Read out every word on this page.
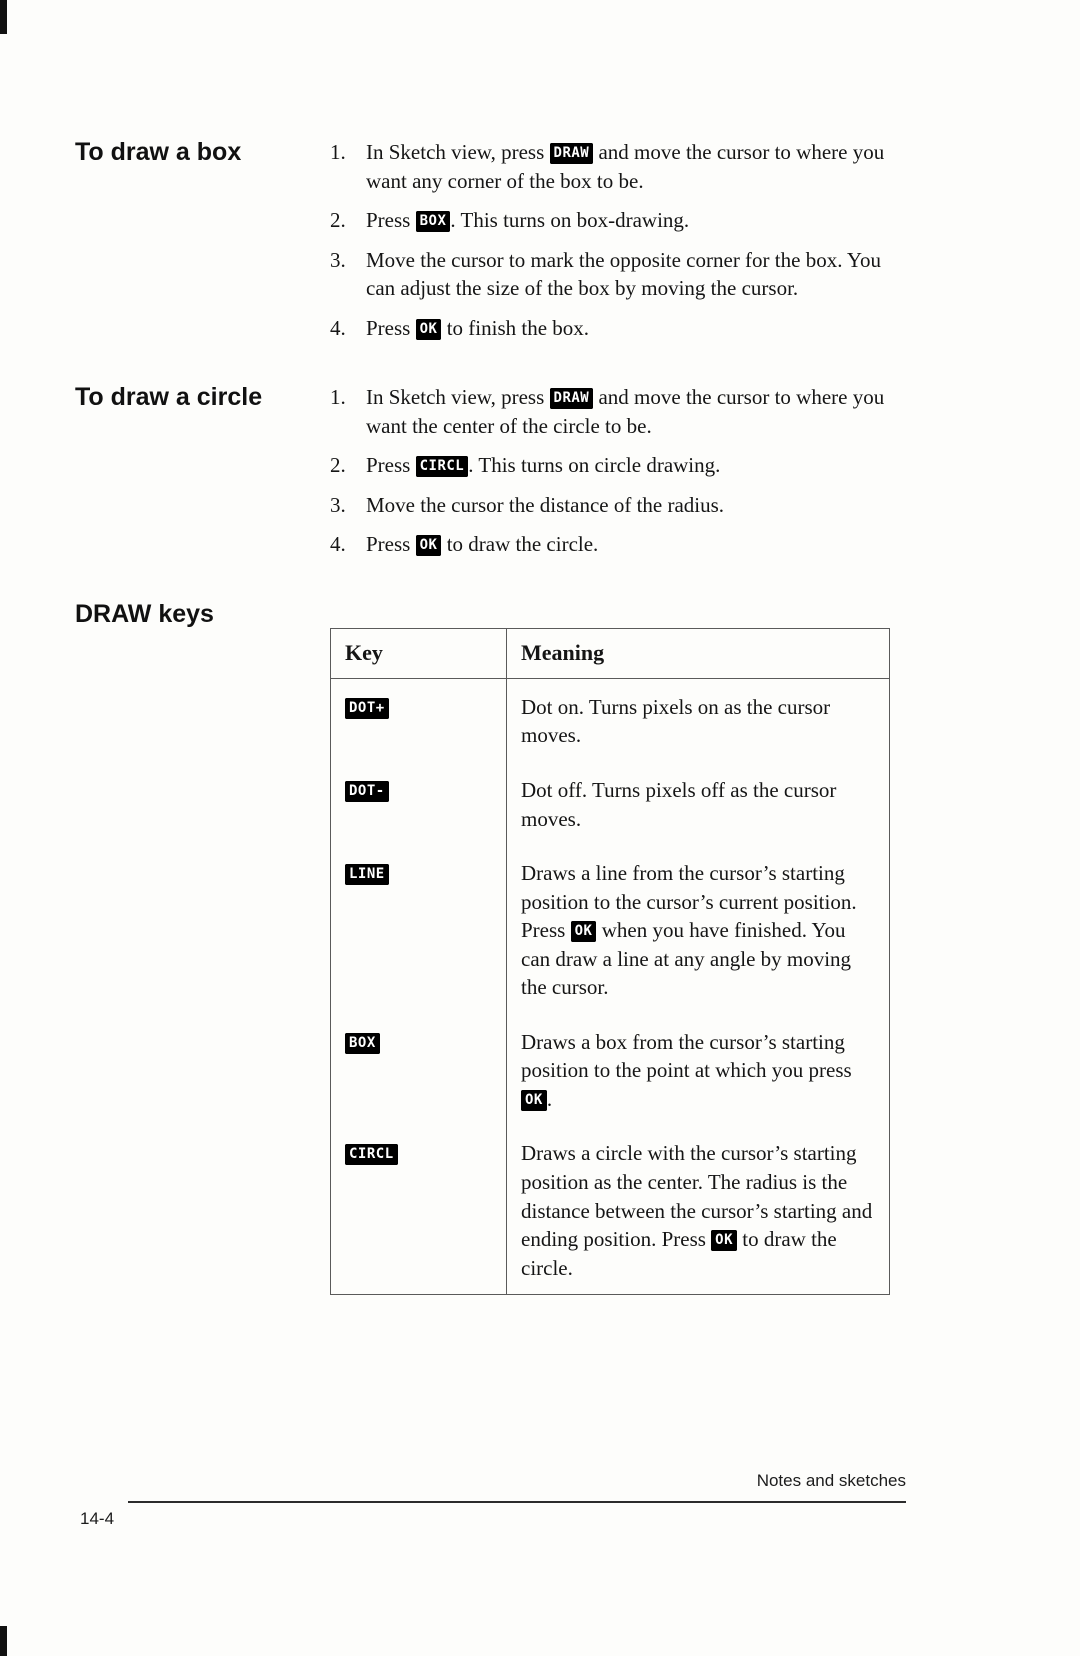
To draw a box	1. In Sketch view, press DRAW and move the cursor to where you want any corner of the box to be.
2. Press BOX . This turns on box-drawing.
3. Move the cursor to mark the opposite corner for the box. You can adjust the size of the box by moving the cursor.
4. Press OK to finish the box.
To draw a circle	1. In Sketch view, press DRAW and move the cursor to where you want the center of the circle to be.
2. Press CIRCL . This turns on circle drawing.
3. Move the cursor the distance of the radius.
4. Press OK to draw the circle.
DRAW keys
Key	Meaning
DOT+	Dot on. Turns pixels on as the cursor moves.
DOT-	Dot off. Turns pixels off as the cursor moves.
LINE	Draws a line from the cursor’s starting position to the cursor’s current position. Press OK when you have finished. You can draw a line at any angle by moving the cursor.
BOX	Draws a box from the cursor’s starting position to the point at which you press OK .
CIRCL	Draws a circle with the cursor’s starting position as the center. The radius is the distance between the cursor’s starting and ending position. Press OK to draw the circle.
Notes and sketches
14-4
